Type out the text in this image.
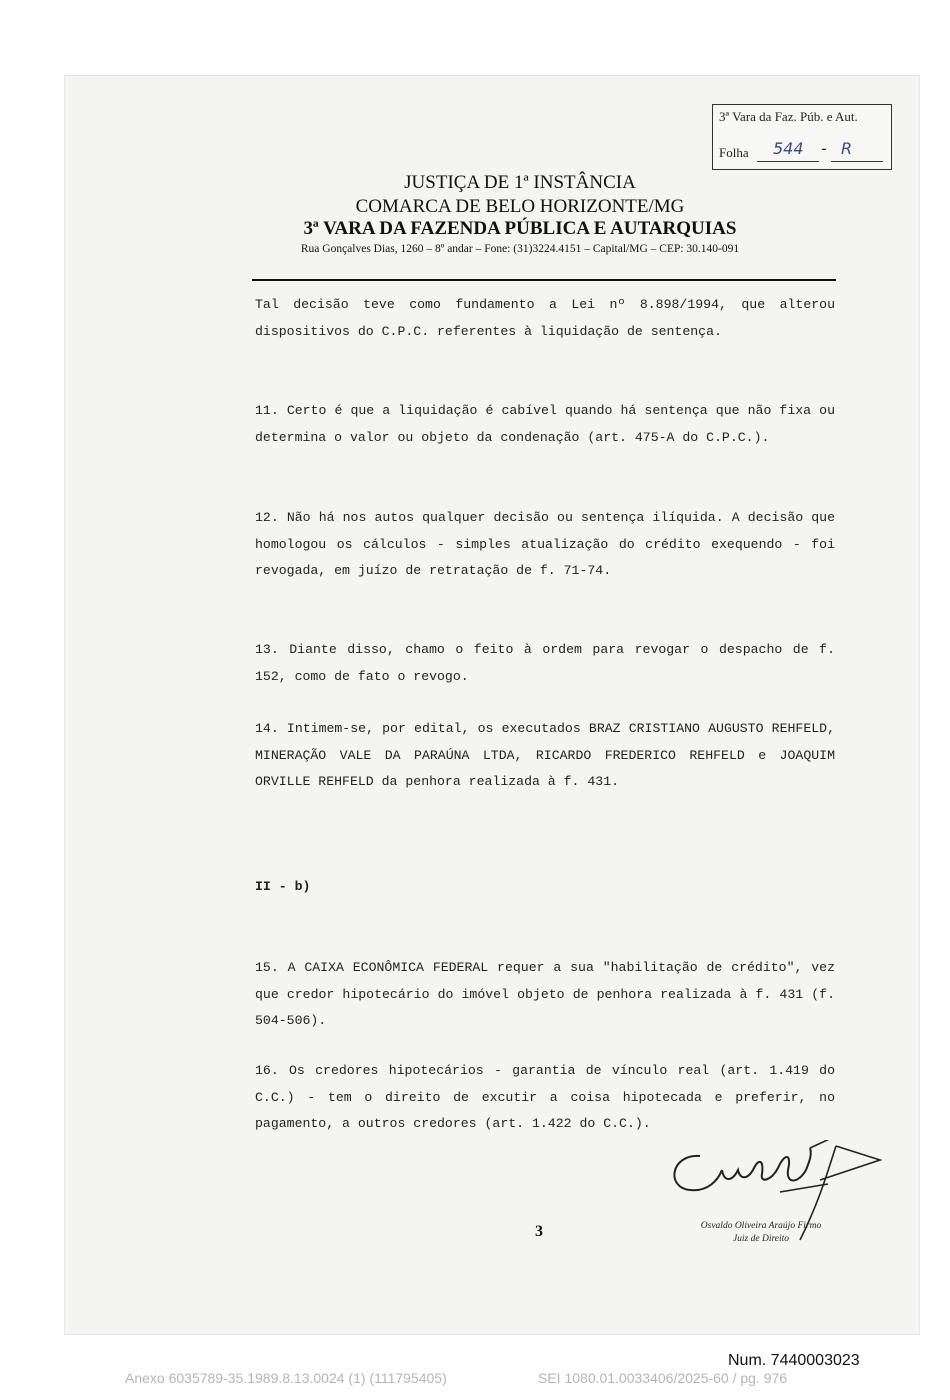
3ª Vara da Faz. Púb. e Aut.
Folha 544 - R
JUSTIÇA DE 1ª INSTÂNCIA
COMARCA DE BELO HORIZONTE/MG
3ª VARA DA FAZENDA PÚBLICA E AUTARQUIAS
Rua Gonçalves Dias, 1260 – 8º andar – Fone: (31)3224.4151 – Capital/MG – CEP: 30.140-091
Tal decisão teve como fundamento a Lei nº 8.898/1994, que alterou dispositivos do C.P.C. referentes à liquidação de sentença.
11. Certo é que a liquidação é cabível quando há sentença que não fixa ou determina o valor ou objeto da condenação (art. 475-A do C.P.C.).
12. Não há nos autos qualquer decisão ou sentença ilíquida. A decisão que homologou os cálculos - simples atualização do crédito exequendo - foi revogada, em juízo de retratação de f. 71-74.
13. Diante disso, chamo o feito à ordem para revogar o despacho de f. 152, como de fato o revogo.
14. Intimem-se, por edital, os executados BRAZ CRISTIANO AUGUSTO REHFELD, MINERAÇÃO VALE DA PARAÚNA LTDA, RICARDO FREDERICO REHFELD e JOAQUIM ORVILLE REHFELD da penhora realizada à f. 431.
II - b)
15. A CAIXA ECONÔMICA FEDERAL requer a sua "habilitação de crédito", vez que credor hipotecário do imóvel objeto de penhora realizada à f. 431 (f. 504-506).
16. Os credores hipotecários - garantia de vínculo real (art. 1.419 do C.C.) - tem o direito de excutir a coisa hipotecada e preferir, no pagamento, a outros credores (art. 1.422 do C.C.).
3	Osvaldo Oliveira Araújo Firmo
Juiz de Direito
Num. 7440003023
Anexo 6035789-35.1989.8.13.0024 (1) (111795405)	SEI 1080.01.0033406/2025-60 / pg. 976
